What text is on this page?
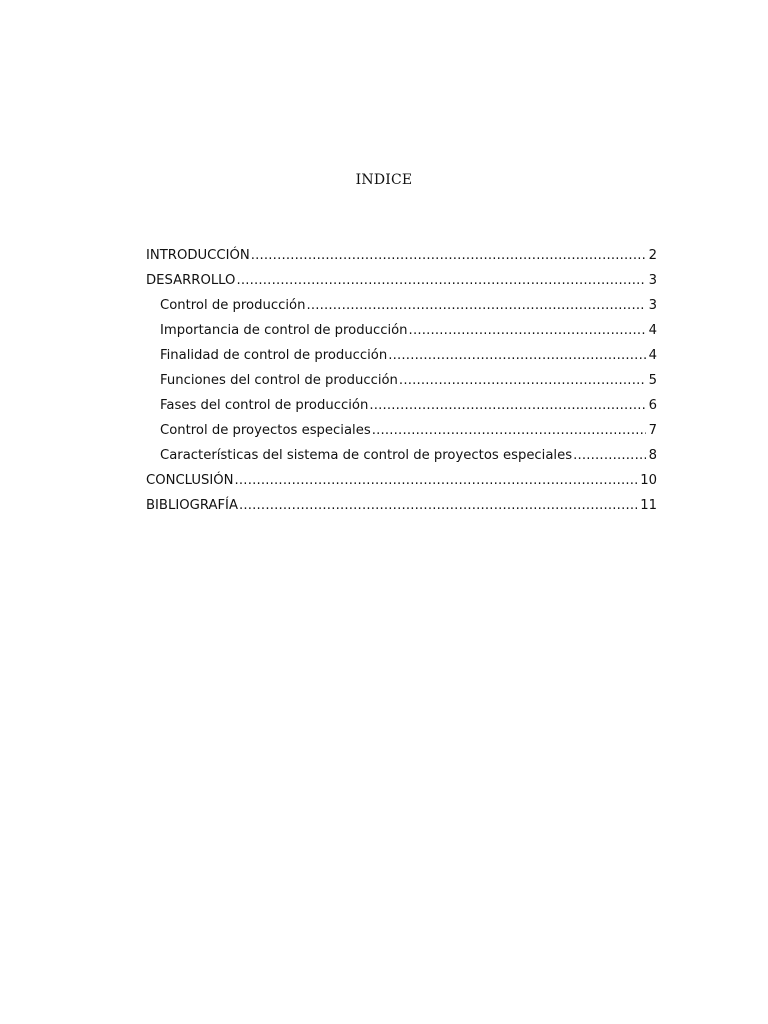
INDICE
INTRODUCCIÓN .....	2
DESARROLLO .....	3
Control de producción .....	3
Importancia de control de producción .....	4
Finalidad de control de producción .....	4
Funciones del control de producción .....	5
Fases del control de producción .....	6
Control de proyectos especiales .....	7
Características del sistema de control de proyectos especiales .....	8
CONCLUSIÓN .....	10
BIBLIOGRAFÍA .....	11
